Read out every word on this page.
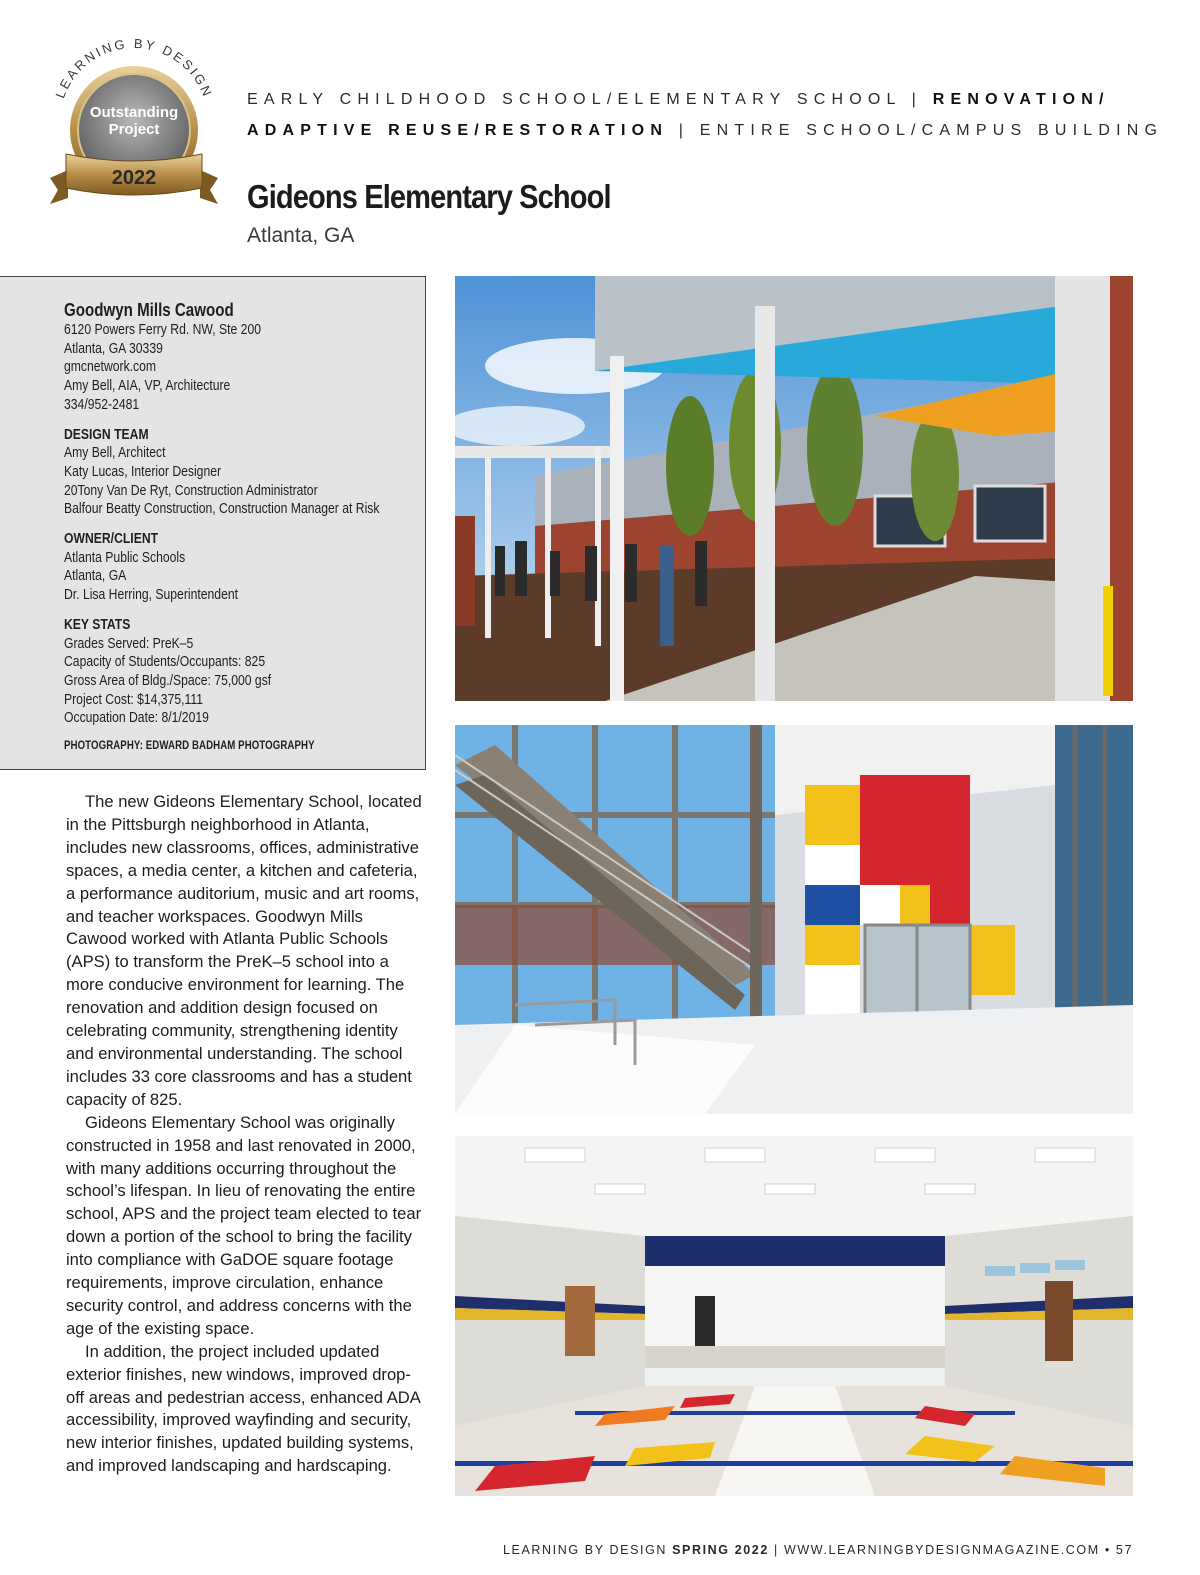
LEARNING BY DESIGN
Outstanding
Project
2022
EARLY CHILDHOOD SCHOOL/ELEMENTARY SCHOOL | RENOVATION/ ADAPTIVE REUSE/RESTORATION | ENTIRE SCHOOL/CAMPUS BUILDING
Gideons Elementary School
Atlanta, GA
Goodwyn Mills Cawood
6120 Powers Ferry Rd. NW, Ste 200
Atlanta, GA 30339
gmcnetwork.com
Amy Bell, AIA, VP, Architecture
334/952-2481
DESIGN TEAM
Amy Bell, Architect
Katy Lucas, Interior Designer
20Tony Van De Ryt, Construction Administrator
Balfour Beatty Construction, Construction Manager at Risk
OWNER/CLIENT
Atlanta Public Schools
Atlanta, GA
Dr. Lisa Herring, Superintendent
KEY STATS
Grades Served: PreK–5
Capacity of Students/Occupants: 825
Gross Area of Bldg./Space: 75,000 gsf
Project Cost: $14,375,111
Occupation Date: 8/1/2019
PHOTOGRAPHY: EDWARD BADHAM PHOTOGRAPHY

The new Gideons Elementary School, located in the Pittsburgh neighborhood in Atlanta, includes new classrooms, offices, administrative spaces, a media center, a kitchen and cafeteria, a performance auditorium, music and art rooms, and teacher workspaces. Goodwyn Mills Cawood worked with Atlanta Public Schools (APS) to transform the PreK–5 school into a more conducive environment for learning. The renovation and addition design focused on celebrating community, strengthening identity and environmental understanding. The school includes 33 core classrooms and has a student capacity of 825.

Gideons Elementary School was originally constructed in 1958 and last renovated in 2000, with many additions occurring throughout the school’s lifespan. In lieu of renovating the entire school, APS and the project team elected to tear down a portion of the school to bring the facility into compliance with GaDOE square footage requirements, improve circulation, enhance security control, and address concerns with the age of the existing space.

In addition, the project included updated exterior finishes, new windows, improved drop-off areas and pedestrian access, enhanced ADA accessibility, improved wayfinding and security, new interior finishes, updated building systems, and improved landscaping and hardscaping.

LEARNING BY DESIGN SPRING 2022 | WWW.LEARNINGBYDESIGNMAGAZINE.COM • 57
